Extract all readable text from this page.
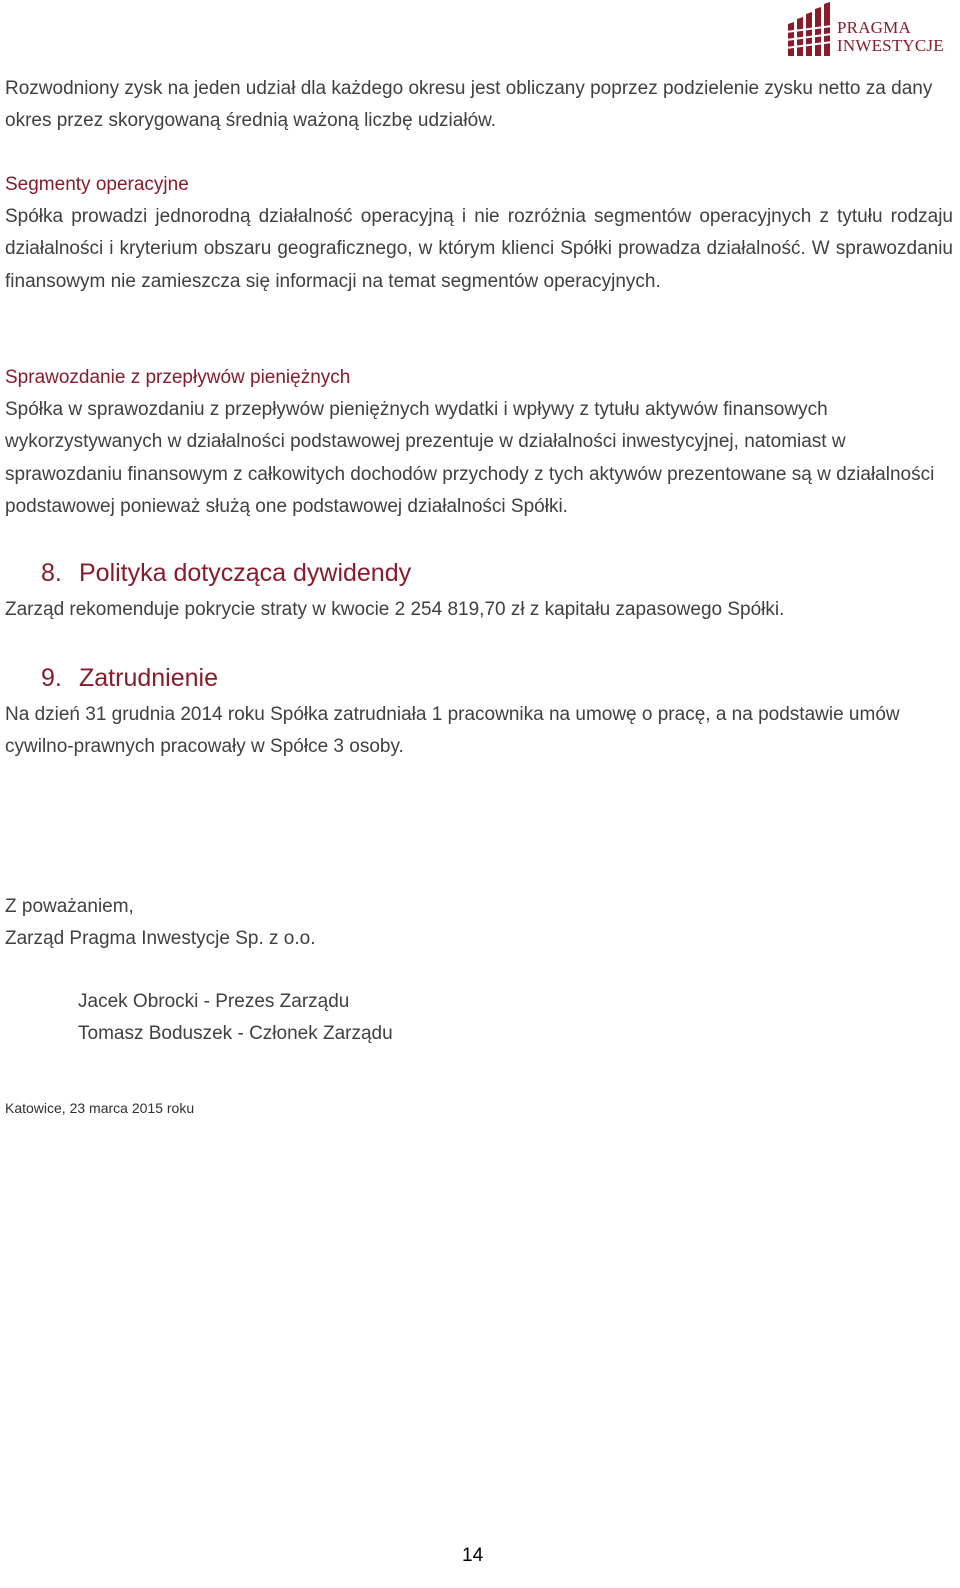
PRAGMA
INWESTYCJE

Rozwodniony zysk na jeden udział dla każdego okresu jest obliczany poprzez podzielenie zysku netto za dany okres przez skorygowaną średnią ważoną liczbę udziałów.

Segmenty operacyjne

Spółka prowadzi jednorodną działalność operacyjną i nie rozróżnia segmentów operacyjnych z tytułu rodzaju działalności i kryterium obszaru geograficznego, w którym klienci Spółki prowadza działalność. W sprawozdaniu finansowym nie zamieszcza się informacji na temat segmentów operacyjnych.

Sprawozdanie z przepływów pieniężnych

Spółka w sprawozdaniu z przepływów pieniężnych wydatki i wpływy z tytułu aktywów finansowych wykorzystywanych w działalności podstawowej prezentuje w działalności inwestycyjnej, natomiast w sprawozdaniu finansowym z całkowitych dochodów przychody z tych aktywów prezentowane są w działalności podstawowej ponieważ służą one podstawowej działalności Spółki.

8. Polityka dotycząca dywidendy

Zarząd rekomenduje pokrycie straty w kwocie 2 254 819,70 zł z kapitału zapasowego Spółki.

9. Zatrudnienie

Na dzień 31 grudnia 2014 roku Spółka zatrudniała 1 pracownika na umowę o pracę, a na podstawie umów cywilno-prawnych pracowały w Spółce 3 osoby.

Z poważaniem,
Zarząd Pragma Inwestycje Sp. z o.o.
Jacek Obrocki - Prezes Zarządu
Tomasz Boduszek - Członek Zarządu
Katowice, 23 marca 2015 roku
14
